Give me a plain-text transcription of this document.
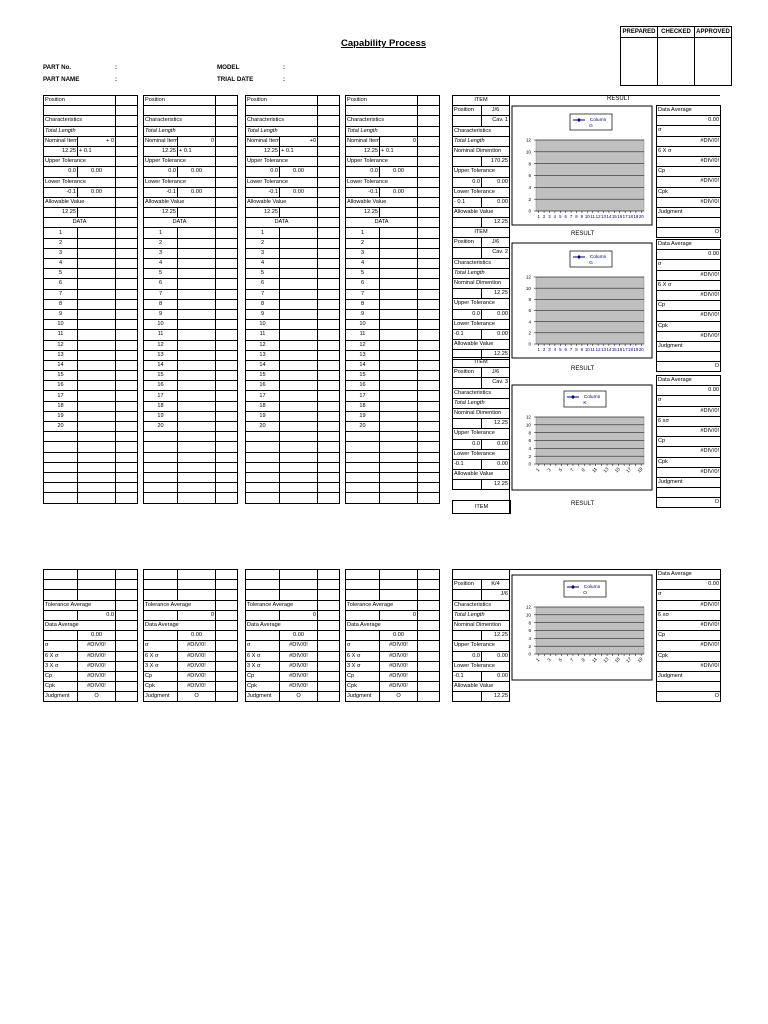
Capability Process
PREPARED	CHECKED	APPROVED

PART No.	:
PART NAME	:
MODEL	:
TRIAL DATE	:
Position		

Characteristics		
Total Length		
Nominal Item	+ 0	
12.25	+ 0.1	
Upper Tolerance		
0.0	0.00	
Lower Tolerance		
-0.1	0.00	
Allowable Value		
12.25		
DATA		
1		
2		
3		
4		
5		
6		
7		
8		
9		
10		
11		
12		
13		
14		
15		
16		
17		
18		
19		
20		

Position		

Characteristics		
Total Length		
Nominal Item	0	
12.25	+ 0.1	
Upper Tolerance		
0.0	0.00	
Lower Tolerance		
-0.1	0.00	
Allowable Value		
12.25		
DATA		
1		
2		
3		
4		
5		
6		
7		
8		
9		
10		
11		
12		
13		
14		
15		
16		
17		
18		
19		
20		

Position		

Characteristics		
Total Length		
Nominal Item	+0	
12.25	+ 0.1	
Upper Tolerance		
0.0	0.00	
Lower Tolerance		
-0.1	0.00	
Allowable Value		
12.25		
DATA		
1		
2		
3		
4		
5		
6		
7		
8		
9		
10		
11		
12		
13		
14		
15		
16		
17		
18		
19		
20		

Position		

Characteristics		
Total Length		
Nominal Item	0	
12.25	+ 0.1	
Upper Tolerance		
0.0	0.00	
Lower Tolerance		
-0.1	0.00	
Allowable Value		
12.25		
DATA		
1		
2		
3		
4		
5		
6		
7		
8		
9		
10		
11		
12		
13		
14		
15		
16		
17		
18		
19		
20		

ITEM	
Position	J/6
	Cav. 1
Characteristics	
Total Length	
Nominal Dimention	
	170.25
Upper Tolerance	
0.0	0.00
Lower Tolerance	
- 0.1	0.00
Allowable Value	
	12.25
ITEM	
Position	J/6
	Cav. 2
Characteristics	
Total Length	
Nominal Dimention	
	12.25
Upper Tolerance	
0.0	0.00
Lower Tolerance	
-0.1	0.00
Allowable Value	
	12.25
ITEM	
Position	J/6
	Cav. 3
Characteristics	
Total Length	
Nominal Dimention	
	12.25
Upper Tolerance	
0.0	0.00
Lower Tolerance	
-0.1	0.00
Allowable Value	
	12.25
Data Average
0.00
σ
#DIV/0!
6 X σ
#DIV/0!
Cp
#DIV/0!
Cpk
#DIV/0!
Judgment

O
Data Average
0.00
σ
#DIV/0!
6 X σ
#DIV/0!
Cp
#DIV/0!
Cpk
#DIV/0!
Judgment

O
Data Average
0.00
σ
#DIV/0!
6 xσ
#DIV/0!
Cp
#DIV/0!
Cpk
#DIV/0!
Judgment

O
RESULT
RESULT
RESULT
RESULT
ITEM

Tolerance Average		
	0.0	
Data Average		
	0.00	
σ	#DIV/0!	
6 X σ	#DIV/0!	
3 X σ	#DIV/0!	
Cp	#DIV/0!	
Cpk	#DIV/0!	
Judgment	O	

Tolerance Average		
	0	
Data Average		
	0.00	
σ	#DIV/0!	
6 X σ	#DIV/0!	
3 X σ	#DIV/0!	
Cp	#DIV/0!	
Cpk	#DIV/0!	
Judgment	O	

Tolerance Average		
	0	
Data Average		
	0.00	
σ	#DIV/0!	
6 X σ	#DIV/0!	
3 X σ	#DIV/0!	
Cp	#DIV/0!	
Cpk	#DIV/0!	
Judgment	O	

Tolerance Average		
	0	
Data Average		
	0.00	
σ	#DIV/0!	
6 X σ	#DIV/0!	
3 X σ	#DIV/0!	
Cp	#DIV/0!	
Cpk	#DIV/0!	
Judgment	O	

Position	K/4
	J/6
Characteristics	
Total Length	
Nominal Dimention	
	12.25
Upper Tolerance	
0.0	0.00
Lower Tolerance	
-0.1	0.00
Allowable Value	
	12.25
Data Average
0.00
σ
#DIV/0!
6 xσ
#DIV/0!
Cp
#DIV/0!
Cpk
#DIV/0!
Judgment

O
Column
G
0
2
4
6
8
10
12
1 2 3 4 5 6 7 8 9 10 11 12 13 14 15 16 17 18 19 20
Column
G
0
2
4
6
8
10
12
1 2 3 4 5 6 7 8 9 10 11 12 13 14 15 16 17 18 19 20
Column
K
0
2
4
6
8
10
12
1 3 5 7 9 11 13 15 17 19
Column
O
0
2
4
6
8
10
12
1 3 5 7 9 11 13 15 17 19
